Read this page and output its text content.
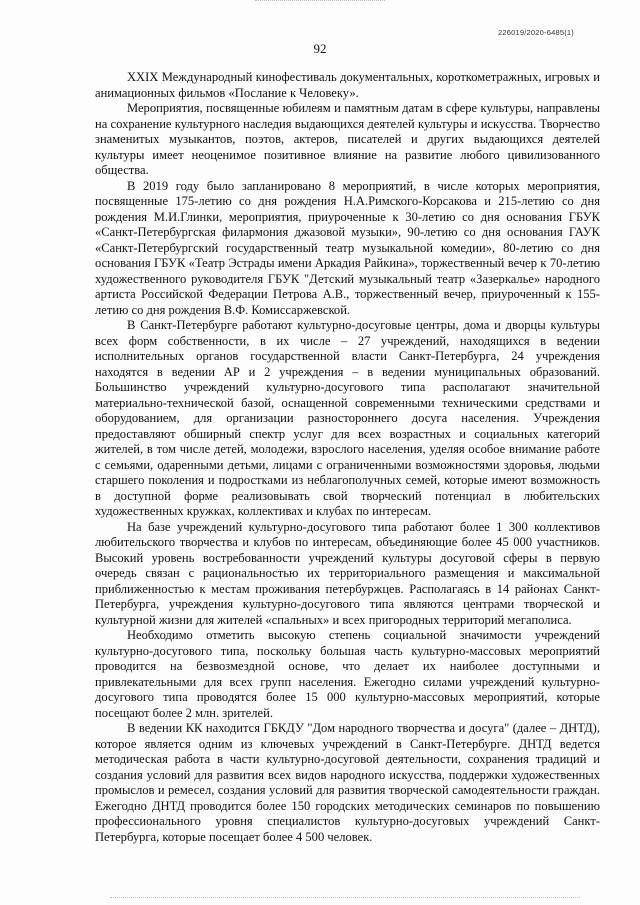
226019/2020-6485(1)
92

XXIX Международный кинофестиваль документальных, короткометражных, игровых и анимационных фильмов «Послание к Человеку».

Мероприятия, посвященные юбилеям и памятным датам в сфере культуры, направлены на сохранение культурного наследия выдающихся деятелей культуры и искусства. Творчество знаменитых музыкантов, поэтов, актеров, писателей и других выдающихся деятелей культуры имеет неоценимое позитивное влияние на развитие любого цивилизованного общества.

В 2019 году было запланировано 8 мероприятий, в числе которых мероприятия, посвященные 175-летию со дня рождения Н.А.Римского-Корсакова и 215-летию со дня рождения М.И.Глинки, мероприятия, приуроченные к 30-летию со дня основания ГБУК «Санкт-Петербургская филармония джазовой музыки», 90-летию со дня основания ГАУК «Санкт-Петербургский государственный театр музыкальной комедии», 80-летию со дня основания ГБУК «Театр Эстрады имени Аркадия Райкина», торжественный вечер к 70-летию художественного руководителя ГБУК "Детский музыкальный театр «Зазеркалье» народного артиста Российской Федерации Петрова А.В., торжественный вечер, приуроченный к 155-летию со дня рождения В.Ф. Комиссаржевской.

В Санкт-Петербурге работают культурно-досуговые центры, дома и дворцы культуры всех форм собственности, в их числе – 27 учреждений, находящихся в ведении исполнительных органов государственной власти Санкт-Петербурга, 24 учреждения находятся в ведении АР и 2 учреждения – в ведении муниципальных образований. Большинство учреждений культурно-досугового типа располагают значительной материально-технической базой, оснащенной современными техническими средствами и оборудованием, для организации разностороннего досуга населения. Учреждения предоставляют обширный спектр услуг для всех возрастных и социальных категорий жителей, в том числе детей, молодежи, взрослого населения, уделяя особое внимание работе с семьями, одаренными детьми, лицами с ограниченными возможностями здоровья, людьми старшего поколения и подростками из неблагополучных семей, которые имеют возможность в доступной форме реализовывать свой творческий потенциал в любительских художественных кружках, коллективах и клубах по интересам.

На базе учреждений культурно-досугового типа работают более 1 300 коллективов любительского творчества и клубов по интересам, объединяющие более 45 000 участников. Высокий уровень востребованности учреждений культуры досуговой сферы в первую очередь связан с рациональностью их территориального размещения и максимальной приближенностью к местам проживания петербуржцев. Располагаясь в 14 районах Санкт-Петербурга, учреждения культурно-досугового типа являются центрами творческой и культурной жизни для жителей «спальных» и всех пригородных территорий мегаполиса.

Необходимо отметить высокую степень социальной значимости учреждений культурно-досугового типа, поскольку большая часть культурно-массовых мероприятий проводится на безвозмездной основе, что делает их наиболее доступными и привлекательными для всех групп населения. Ежегодно силами учреждений культурно-досугового типа проводятся более 15 000 культурно-массовых мероприятий, которые посещают более 2 млн. зрителей.

В ведении КК находится ГБКДУ "Дом народного творчества и досуга" (далее – ДНТД), которое является одним из ключевых учреждений в Санкт-Петербурге. ДНТД ведется методическая работа в части культурно-досуговой деятельности, сохранения традиций и создания условий для развития всех видов народного искусства, поддержки художественных промыслов и ремесел, создания условий для развития творческой самодеятельности граждан. Ежегодно ДНТД проводится более 150 городских методических семинаров по повышению профессионального уровня специалистов культурно-досуговых учреждений Санкт-Петербурга, которые посещает более 4 500 человек.
